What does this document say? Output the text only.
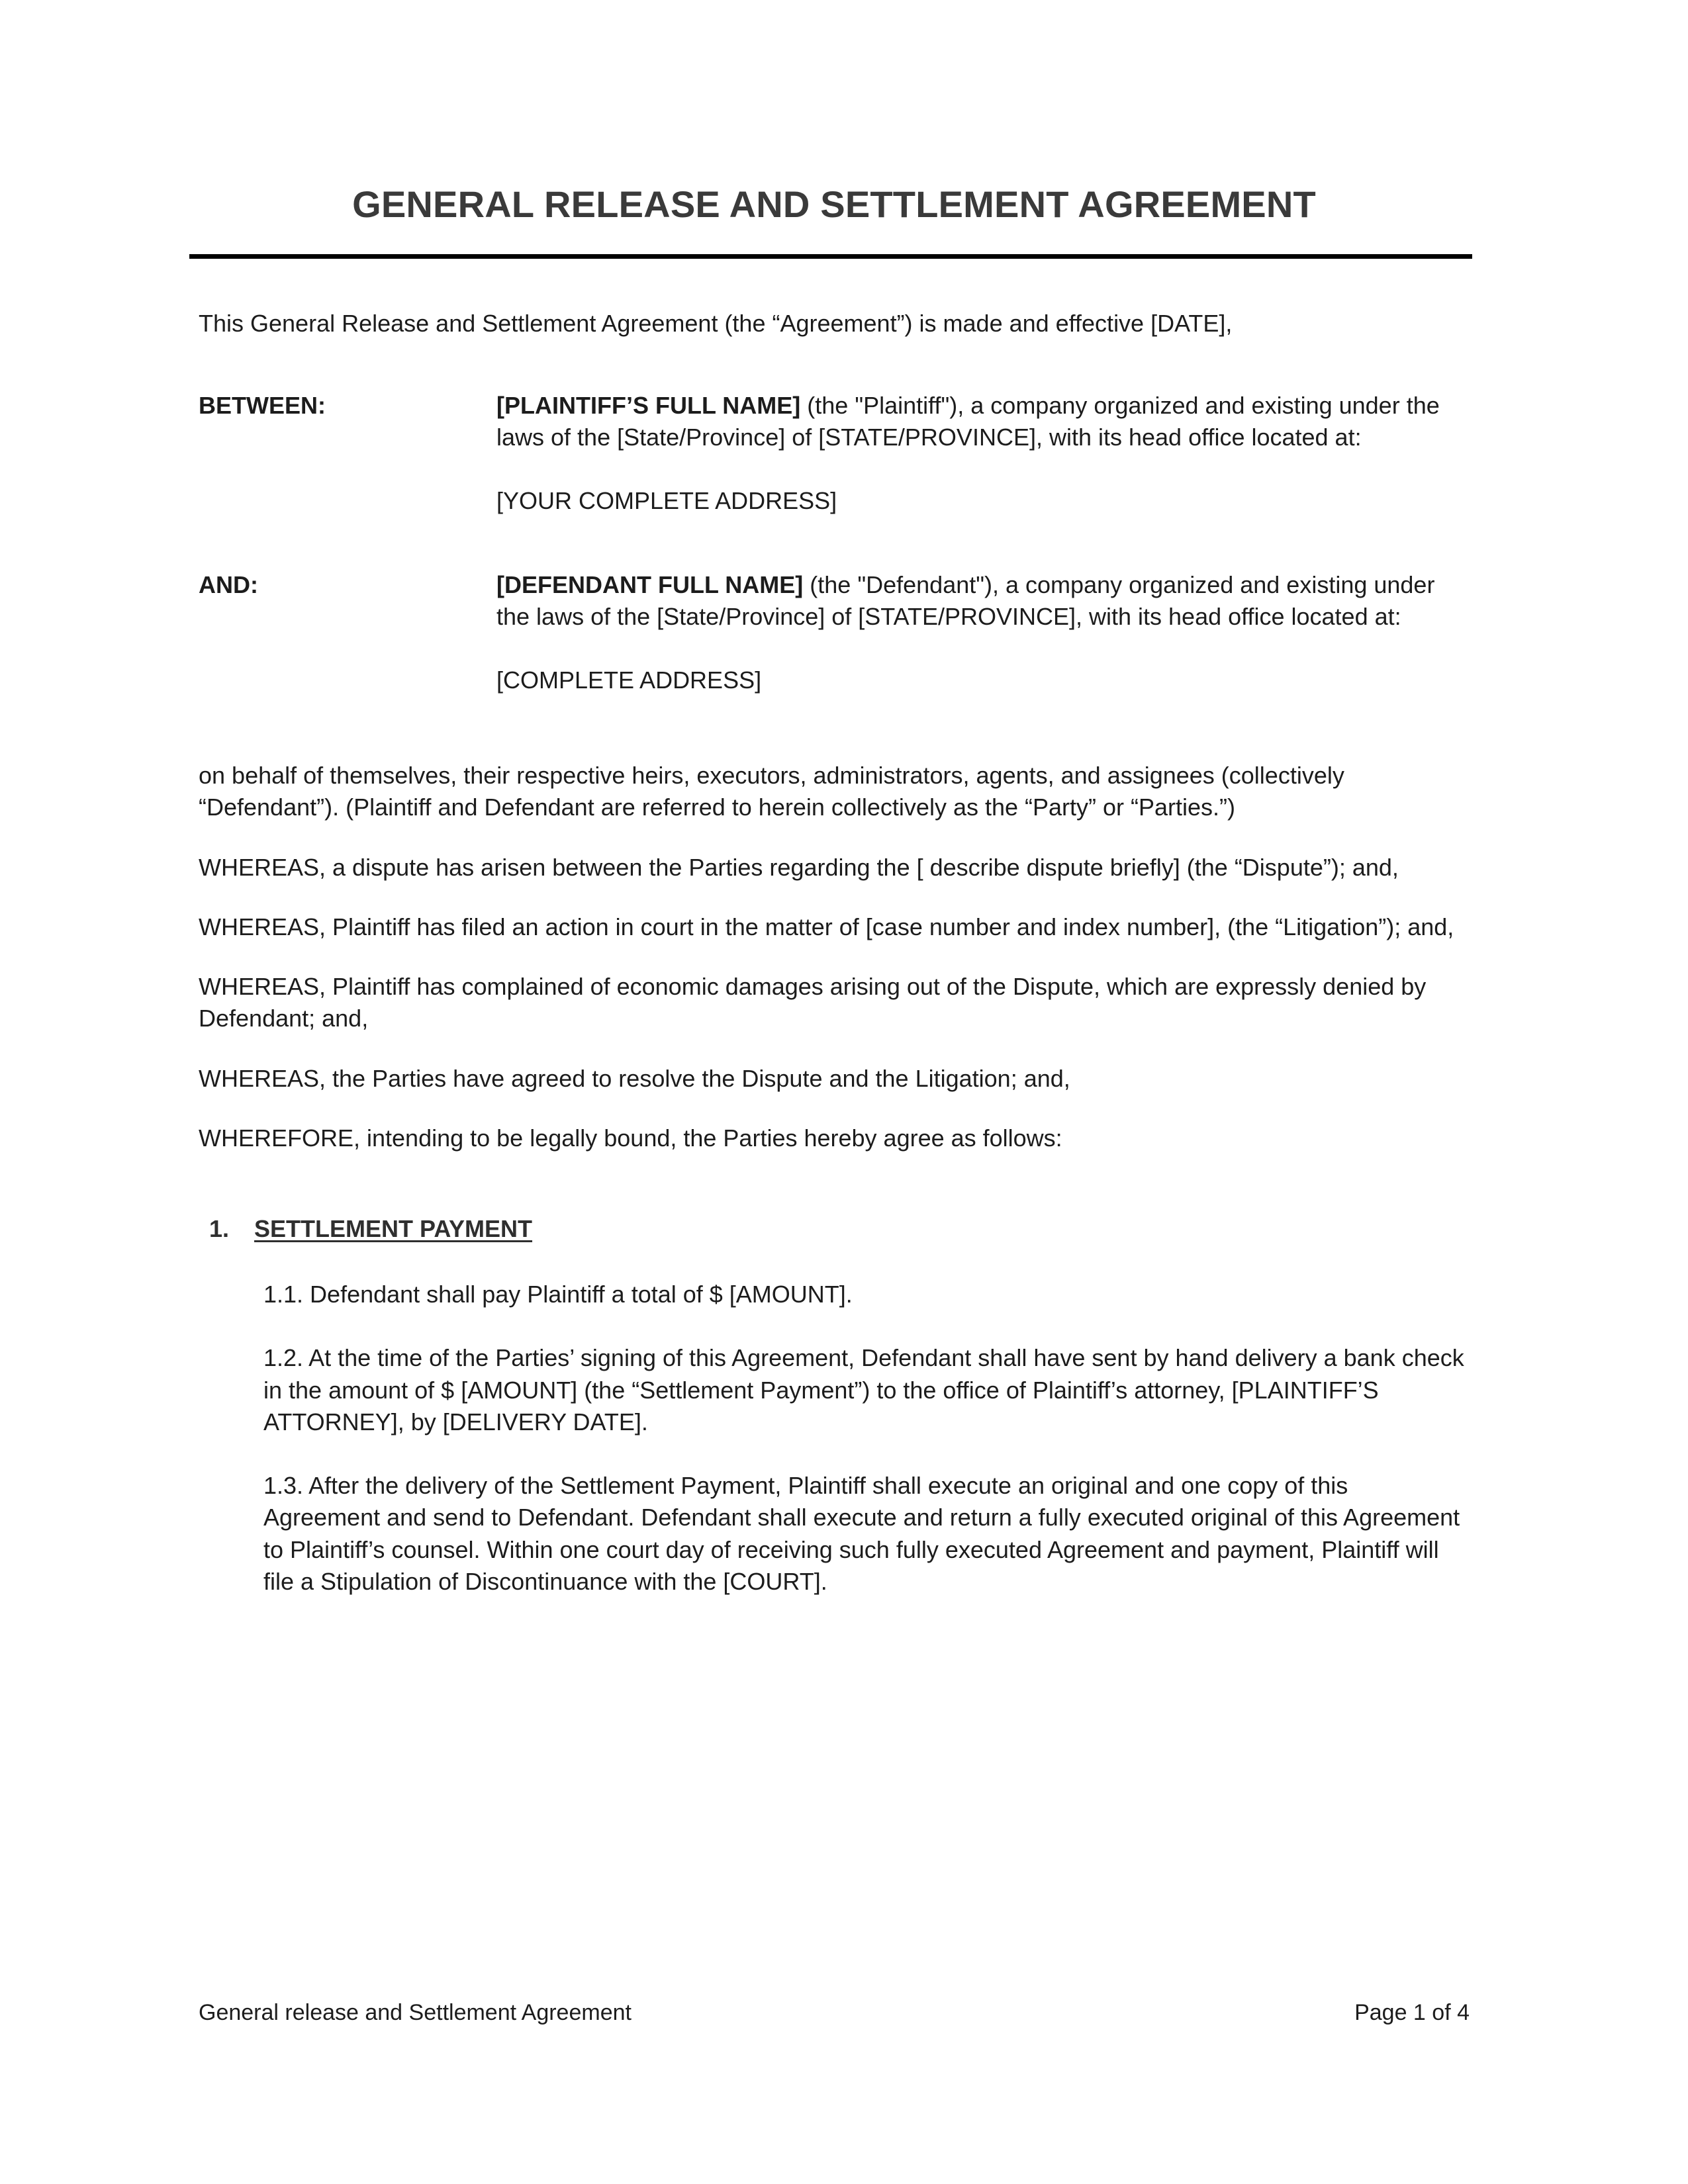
GENERAL RELEASE AND SETTLEMENT AGREEMENT

This General Release and Settlement Agreement (the “Agreement”) is made and effective [DATE],

BETWEEN:	[PLAINTIFF’S FULL NAME] (the "Plaintiff"), a company organized and existing under the laws of the [State/Province] of [STATE/PROVINCE], with its head office located at:

[YOUR COMPLETE ADDRESS]

AND:	[DEFENDANT FULL NAME] (the "Defendant"), a company organized and existing under the laws of the [State/Province] of [STATE/PROVINCE], with its head office located at:

[COMPLETE ADDRESS]

on behalf of themselves, their respective heirs, executors, administrators, agents, and assignees (collectively “Defendant”). (Plaintiff and Defendant are referred to herein collectively as the “Party” or “Parties.”)

WHEREAS, a dispute has arisen between the Parties regarding the [ describe dispute briefly] (the “Dispute”); and,

WHEREAS, Plaintiff has filed an action in court in the matter of [case number and index number], (the “Litigation”); and,

WHEREAS, Plaintiff has complained of economic damages arising out of the Dispute, which are expressly denied by Defendant; and,

WHEREAS, the Parties have agreed to resolve the Dispute and the Litigation; and,

WHEREFORE, intending to be legally bound, the Parties hereby agree as follows:

1.	SETTLEMENT PAYMENT

1.1. Defendant shall pay Plaintiff a total of $ [AMOUNT].

1.2. At the time of the Parties’ signing of this Agreement, Defendant shall have sent by hand delivery a bank check in the amount of $ [AMOUNT] (the “Settlement Payment”) to the office of Plaintiff’s attorney, [PLAINTIFF’S ATTORNEY], by [DELIVERY DATE].

1.3. After the delivery of the Settlement Payment, Plaintiff shall execute an original and one copy of this Agreement and send to Defendant. Defendant shall execute and return a fully executed original of this Agreement to Plaintiff’s counsel. Within one court day of receiving such fully executed Agreement and payment, Plaintiff will file a Stipulation of Discontinuance with the [COURT].

General release and Settlement Agreement	Page 1 of 4
